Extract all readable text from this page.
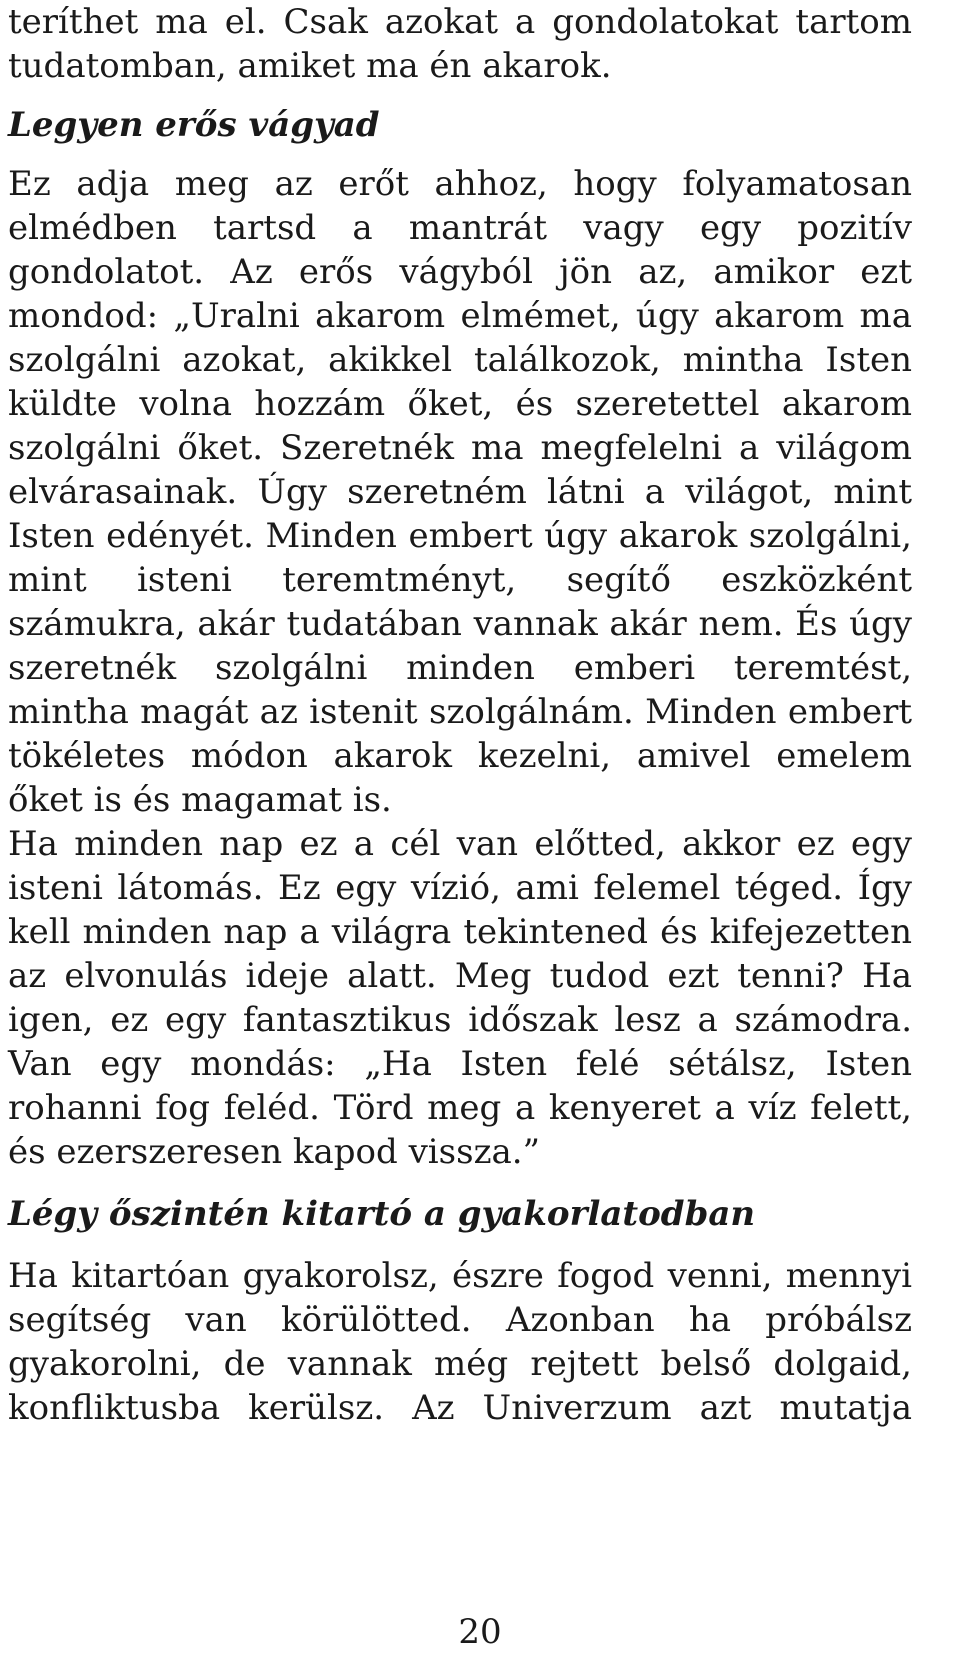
teríthet ma el. Csak azokat a gondolatokat tartom tudatomban, amiket ma én akarok.

Legyen erős vágyad

Ez adja meg az erőt ahhoz, hogy folyamatosan elmédben tartsd a mantrát vagy egy pozitív gondolatot. Az erős vágyból jön az, amikor ezt mondod: „Uralni akarom elmémet, úgy akarom ma szolgálni azokat, akikkel találkozok, mintha Isten küldte volna hozzám őket, és szeretettel akarom szolgálni őket. Szeretnék ma megfelelni a világom elvárasainak. Úgy szeretném látni a világot, mint Isten edényét. Minden embert úgy akarok szolgálni, mint isteni teremtményt, segítő eszközként számukra, akár tudatában vannak akár nem. És úgy szeretnék szolgálni minden emberi teremtést, mintha magát az istenit szolgálnám. Minden embert tökéletes módon akarok kezelni, amivel emelem őket is és magamat is.

Ha minden nap ez a cél van előtted, akkor ez egy isteni látomás. Ez egy vízió, ami felemel téged. Így kell minden nap a világra tekintened és kifejezetten az elvonulás ideje alatt. Meg tudod ezt tenni? Ha igen, ez egy fantasztikus időszak lesz a számodra. Van egy mondás: „Ha Isten felé sétálsz, Isten rohanni fog feléd. Törd meg a kenyeret a víz felett, és ezerszeresen kapod vissza.”

Légy őszintén kitartó a gyakorlatodban

Ha kitartóan gyakorolsz, észre fogod venni, mennyi segítség van körülötted. Azonban ha próbálsz gyakorolni, de vannak még rejtett belső dolgaid, konfliktusba kerülsz. Az Univerzum azt mutatja

20
